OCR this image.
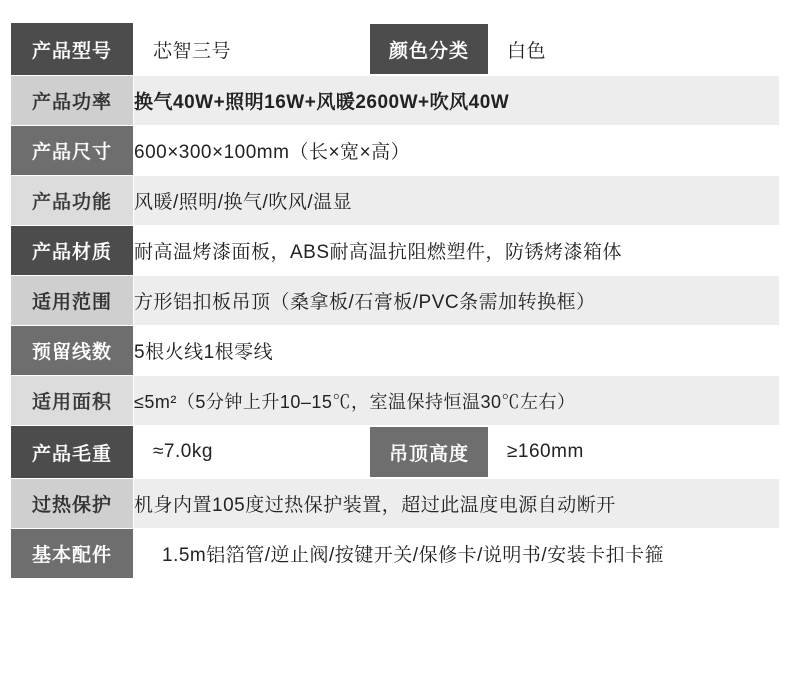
产品型号	芯智三号	颜色分类	白色

产品功率	换气40W+照明16W+风暖2600W+吹风40W
产品尺寸	600×300×100mm（长×宽×高）
产品功能	风暖/照明/换气/吹风/温显
产品材质	耐高温烤漆面板，ABS耐高温抗阻燃塑件，防锈烤漆箱体
适用范围	方形铝扣板吊顶（桑拿板/石膏板/PVC条需加转换框）
预留线数	5根火线1根零线
适用面积	≤5m²（5分钟上升10–15℃，室温保持恒温30℃左右）
产品毛重	≈7.0kg	吊顶高度	≥160mm

过热保护	机身内置105度过热保护装置，超过此温度电源自动断开
基本配件	1.5m铝箔管/逆止阀/按键开关/保修卡/说明书/安装卡扣卡箍
